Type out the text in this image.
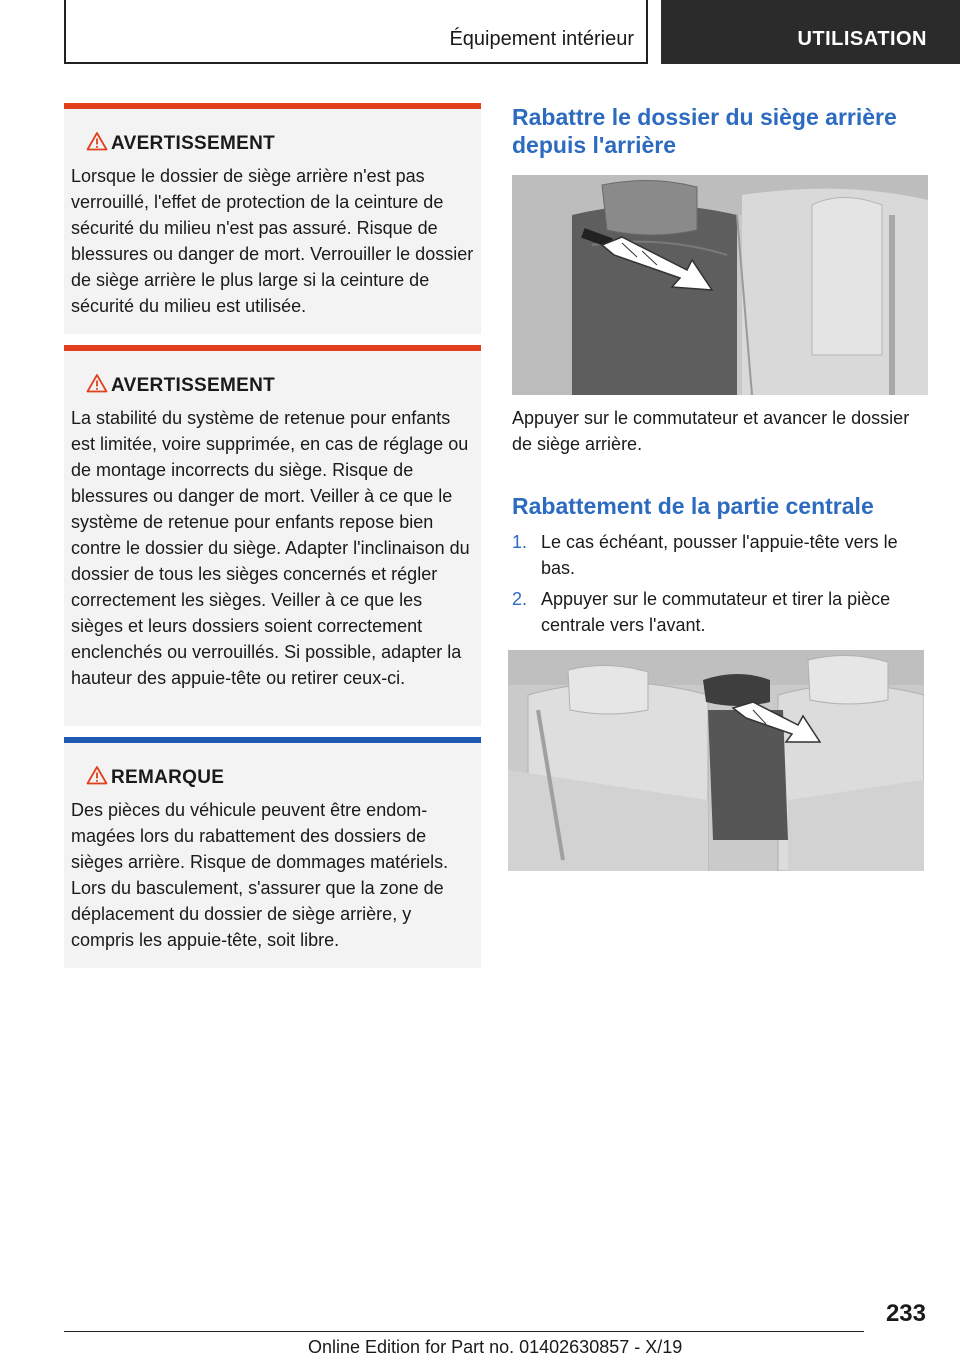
Équipement intérieur	UTILISATION
AVERTISSEMENT

Lorsque le dossier de siège arrière n'est pas verrouillé, l'effet de protection de la ceinture de sécurité du milieu n'est pas assuré. Risque de blessures ou danger de mort. Verrouiller le dossier de siège arrière le plus large si la ceinture de sécurité du milieu est utilisée.

AVERTISSEMENT

La stabilité du système de retenue pour enfants est limitée, voire supprimée, en cas de réglage ou de montage incorrects du siège. Risque de blessures ou danger de mort. Veiller à ce que le système de retenue pour enfants repose bien contre le dossier du siège. Adapter l'inclinaison du dossier de tous les sièges concernés et régler correctement les sièges. Veiller à ce que les sièges et leurs dossiers soient correctement enclenchés ou verrouillés. Si possible, adapter la hauteur des appuie-tête ou retirer ceux-ci.

REMARQUE

Des pièces du véhicule peuvent être endommagées lors du rabattement des dossiers de sièges arrière. Risque de dommages matériels. Lors du basculement, s'assurer que la zone de déplacement du dossier de siège arrière, y compris les appuie-tête, soit libre.

Rabattre le dossier du siège arrière depuis l'arrière

Appuyer sur le commutateur et avancer le dossier de siège arrière.

Rabattement de la partie centrale
1. Le cas échéant, pousser l'appuie-tête vers le bas.
2. Appuyer sur le commutateur et tirer la pièce centrale vers l'avant.
233
Online Edition for Part no. 01402630857 - X/19
